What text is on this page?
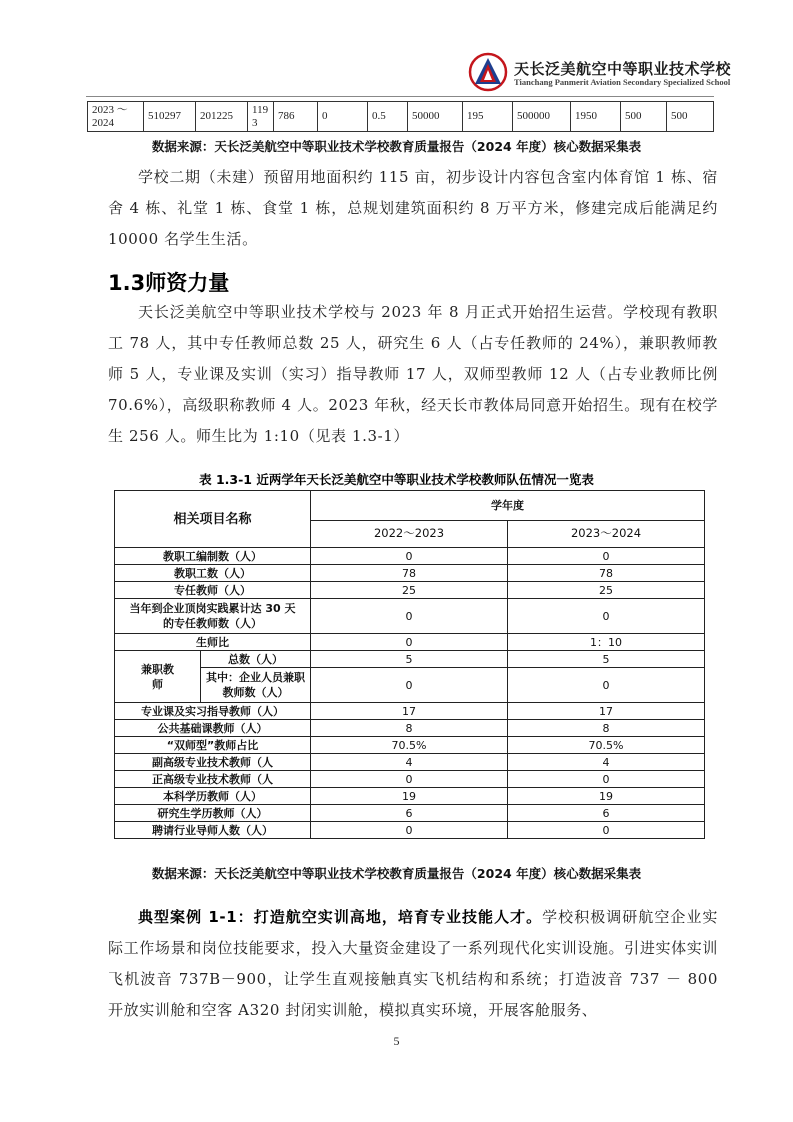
天长泛美航空中等职业技术学校
Tianchang Panmerit Aviation Secondary Specialized School
2023 ～2024	510297	201225	1193	786	0	0.5	50000	195	500000	1950	500	500
数据来源：天长泛美航空中等职业技术学校教育质量报告（2024 年度）核心数据采集表

学校二期（未建）预留用地面积约 115 亩，初步设计内容包含室内体育馆 1 栋、宿舍 4 栋、礼堂 1 栋、食堂 1 栋，总规划建筑面积约 8 万平方米，修建完成后能满足约 10000 名学生生活。

1.3师资力量

天长泛美航空中等职业技术学校与 2023 年 8 月正式开始招生运营。学校现有教职工 78 人，其中专任教师总数 25 人，研究生 6 人（占专任教师的 24%），兼职教师教师 5 人，专业课及实训（实习）指导教师 17 人，双师型教师 12 人（占专业教师比例 70.6%），高级职称教师 4 人。2023 年秋，经天长市教体局同意开始招生。现有在校学生 256 人。师生比为 1:10（见表 1.3-1）

表 1.3-1 近两学年天长泛美航空中等职业技术学校教师队伍情况一览表
相关项目名称		学年度	
		2022～2023	2023～2024
教职工编制数（人）		0	0
教职工数（人）		78	78
专任教师（人）		25	25
当年到企业顶岗实践累计达 30 天的专任教师数（人）		0	0
生师比		0	1：10
兼职教师	总数（人）	5	5
	其中：企业人员兼职教师数（人）	0	0
专业课及实习指导教师（人）		17	17
公共基础课教师（人）		8	8
“双师型”教师占比		70.5%	70.5%
副高级专业技术教师（人		4	4
正高级专业技术教师（人		0	0
本科学历教师（人）		19	19
研究生学历教师（人）		6	6
聘请行业导师人数（人）		0	0
数据来源：天长泛美航空中等职业技术学校教育质量报告（2024 年度）核心数据采集表

典型案例 1-1：打造航空实训高地，培育专业技能人才。学校积极调研航空企业实际工作场景和岗位技能要求，投入大量资金建设了一系列现代化实训设施。引进实体实训飞机波音 737B－900，让学生直观接触真实飞机结构和系统；打造波音 737 － 800 开放实训舱和空客 A320 封闭实训舱，模拟真实环境，开展客舱服务、

5
